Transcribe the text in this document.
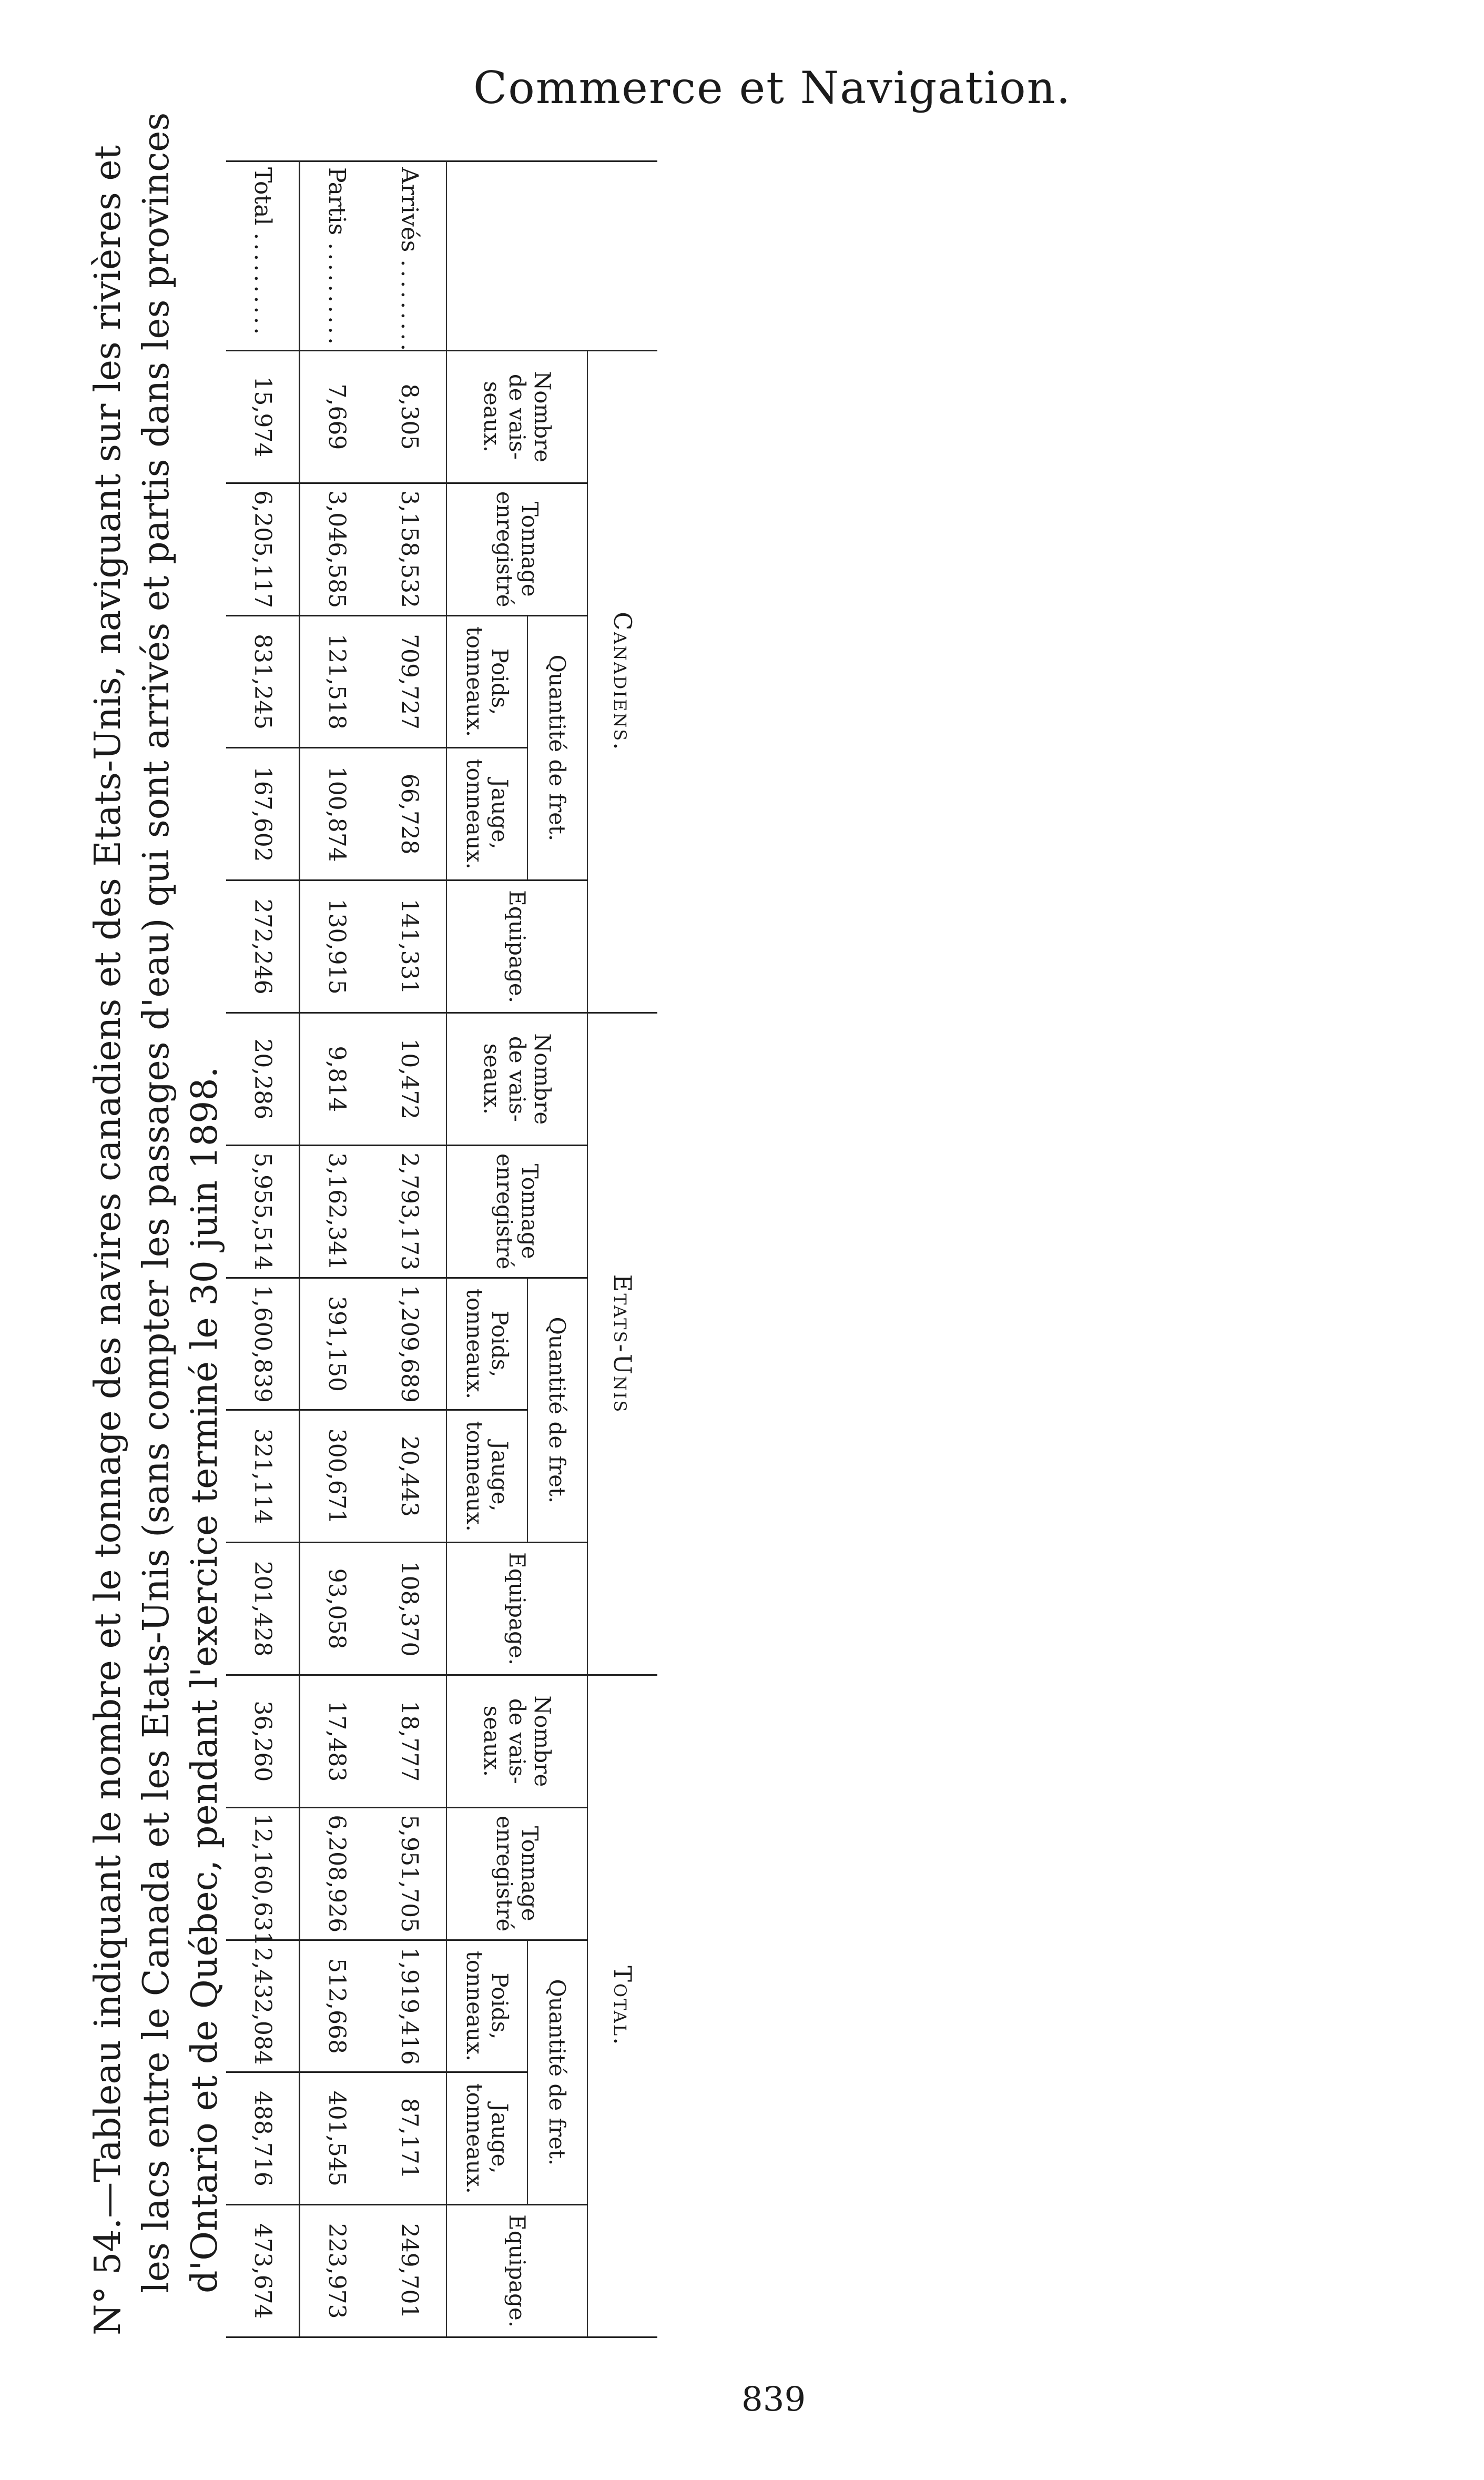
Commerce et Navigation.
N° 54.—Tableau indiquant le nombre et le tonnage des navires canadiens et des Etats-Unis, naviguant sur les rivières et les lacs entre le Canada et les Etats-Unis (sans compter les passages d'eau) qui sont arrivés et partis dans les provinces d'Ontario et de Québec, pendant l'exercice terminé le 30 juin 1898.
	Canadiens.					Etats-Unis					Total.				
	Nombre de vais-seaux.	Tonnage enregistré	Quantité de fret.		Equipage.	Nombre de vais-seaux.	Tonnage enregistré	Quantité de fret.		Equipage.	Nombre de vais-seaux.	Tonnage enregistré	Quantité de fret.		Equipage.
			Poids, tonneaux.	Jauge, tonneaux.				Poids, tonneaux.	Jauge, tonneaux.				Poids, tonneaux.	Jauge, tonneaux.	
Arrivés .........	8,305	3,158,532	709,727	66,728	141,331	10,472	2,793,173	1,209,689	20,443	108,370	18,777	5,951,705	1,919,416	87,171	249,701
Partis ..........	7,669	3,046,585	121,518	100,874	130,915	9,814	3,162,341	391,150	300,671	93,058	17,483	6,208,926	512,668	401,545	223,973
Total ..........	15,974	6,205,117	831,245	167,602	272,246	20,286	5,955,514	1,600,839	321,114	201,428	36,260	12,160,631	2,432,084	488,716	473,674
839
